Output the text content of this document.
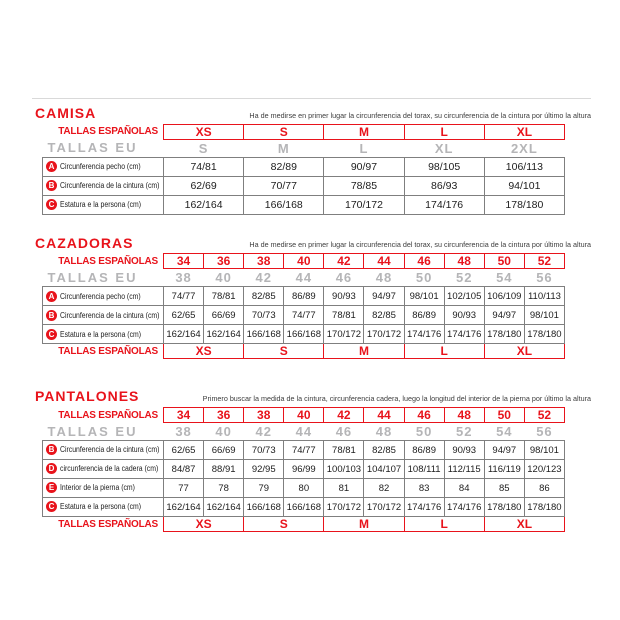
CAMISA	Ha de medirse en primer lugar la circunferencia del torax, su circunferencia de la cintura por último la altura

TALLAS ESPAÑOLAS	XS	S	M	L	XL
TALLAS EU	S	M	L	XL	2XL
A Circunferencia pecho (cm)	74/81	82/89	90/97	98/105	106/113
B Circunferencia de la cintura (cm)	62/69	70/77	78/85	86/93	94/101
C Estatura e la persona (cm)	162/164	166/168	170/172	174/176	178/180
CAZADORAS	Ha de medirse en primer lugar la circunferencia del torax, su circunferencia de la cintura por último la altura

TALLAS ESPAÑOLAS	34	36	38	40	42	44	46	48	50	52
TALLAS EU	38	40	42	44	46	48	50	52	54	56
A Circunferencia pecho (cm)	74/77	78/81	82/85	86/89	90/93	94/97	98/101	102/105	106/109	110/113
B Circunferencia de la cintura (cm)	62/65	66/69	70/73	74/77	78/81	82/85	86/89	90/93	94/97	98/101
C Estatura e la persona (cm)	162/164	162/164	166/168	166/168	170/172	170/172	174/176	174/176	178/180	178/180
TALLAS ESPAÑOLAS	XS		S		M		L		XL	
PANTALONES	Primero buscar la medida de la cintura, circunferencia cadera, luego la longitud del interior de la pierna por último la altura

TALLAS ESPAÑOLAS	34	36	38	40	42	44	46	48	50	52
TALLAS EU	38	40	42	44	46	48	50	52	54	56
B Circunferencia de la cintura (cm)	62/65	66/69	70/73	74/77	78/81	82/85	86/89	90/93	94/97	98/101
D circunferencia de la cadera (cm)	84/87	88/91	92/95	96/99	100/103	104/107	108/111	112/115	116/119	120/123
E Interior de la pierna (cm)	77	78	79	80	81	82	83	84	85	86
C Estatura e la persona (cm)	162/164	162/164	166/168	166/168	170/172	170/172	174/176	174/176	178/180	178/180
TALLAS ESPAÑOLAS	XS		S		M		L		XL	
